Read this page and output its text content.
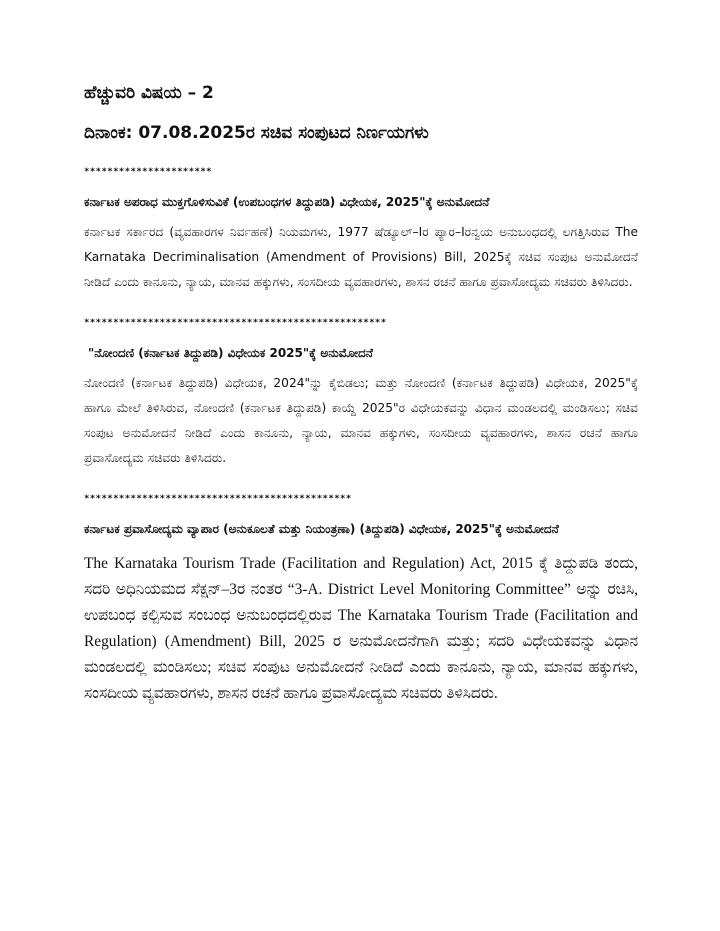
ಹೆಚ್ಚುವರಿ ವಿಷಯ – 2
ದಿನಾಂಕ: 07.08.2025ರ ಸಚಿವ ಸಂಪುಟದ ನಿರ್ಣಯಗಳು

**********************

ಕರ್ನಾಟಕ ಅಪರಾಧ ಮುಕ್ತಗೊಳಿಸುವಿಕೆ (ಉಪಬಂಧಗಳ ತಿದ್ದುಪಡಿ) ವಿಧೇಯಕ, 2025"ಕ್ಕೆ ಅನುಮೋದನೆ

ಕರ್ನಾಟಕ ಸರ್ಕಾರದ (ವ್ಯವಹಾರಗಳ ನಿರ್ವಹಣೆ) ನಿಯಮಗಳು, 1977 ಷೆಡ್ಯೂಲ್–Iರ ಪ್ಯಾರ–Iರನ್ವಯ ಅನುಬಂಧದಲ್ಲಿ ಲಗತ್ತಿಸಿರುವ The Karnataka Decriminalisation (Amendment of Provisions) Bill, 2025ಕ್ಕೆ ಸಚಿವ ಸಂಪುಟ ಅನುಮೋದನೆ ನೀಡಿದೆ ಎಂದು ಕಾನೂನು, ನ್ಯಾಯ, ಮಾನವ ಹಕ್ಕುಗಳು, ಸಂಸದೀಯ ವ್ಯವಹಾರಗಳು, ಶಾಸನ ರಚನೆ ಹಾಗೂ ಪ್ರವಾಸೋದ್ಯಮ ಸಚಿವರು ತಿಳಿಸಿದರು.

****************************************************

"ನೋಂದಣಿ (ಕರ್ನಾಟಕ ತಿದ್ದುಪಡಿ) ವಿಧೇಯಕ 2025"ಕ್ಕೆ ಅನುಮೋದನೆ

ನೋಂದಣಿ (ಕರ್ನಾಟಕ ತಿದ್ದುಪಡಿ) ವಿಧೇಯಕ, 2024"ನ್ನು ಕೈಬಿಡಲು; ಮತ್ತು ನೋಂದಣಿ (ಕರ್ನಾಟಕ ತಿದ್ದುಪಡಿ) ವಿಧೇಯಕ, 2025"ಕ್ಕೆ ಹಾಗೂ ಮೇಲೆ ತಿಳಿಸಿರುವ, ನೋಂದಣಿ (ಕರ್ನಾಟಕ ತಿದ್ದುಪಡಿ) ಕಾಯ್ದೆ 2025"ರ ವಿಧೇಯಕವನ್ನು ವಿಧಾನ ಮಂಡಲದಲ್ಲಿ ಮಂಡಿಸಲು; ಸಚಿವ ಸಂಪುಟ ಅನುಮೋದನೆ ನೀಡಿದೆ ಎಂದು ಕಾನೂನು, ನ್ಯಾಯ, ಮಾನವ ಹಕ್ಕುಗಳು, ಸಂಸದೀಯ ವ್ಯವಹಾರಗಳು, ಶಾಸನ ರಚನೆ ಹಾಗೂ ಪ್ರವಾಸೋದ್ಯಮ ಸಚಿವರು ತಿಳಿಸಿದರು.

**********************************************

ಕರ್ನಾಟಕ ಪ್ರವಾಸೋದ್ಯಮ ವ್ಯಾಪಾರ (ಅನುಕೂಲತೆ ಮತ್ತು ನಿಯಂತ್ರಣಾ) (ತಿದ್ದುಪಡಿ) ವಿಧೇಯಕ, 2025"ಕ್ಕೆ ಅನುಮೋದನೆ

The Karnataka Tourism Trade (Facilitation and Regulation) Act, 2015 ಕ್ಕೆ ತಿದ್ದುಪಡಿ ತಂದು, ಸದರಿ ಅಧಿನಿಯಮದ ಸೆಕ್ಷನ್–3ರ ನಂತರ “3-A. District Level Monitoring Committee” ಅನ್ನು ರಚಿಸಿ, ಉಪಬಂಧ ಕಲ್ಪಿಸುವ ಸಂಬಂಧ ಅನುಬಂಧದಲ್ಲಿರುವ The Karnataka Tourism Trade (Facilitation and Regulation) (Amendment) Bill, 2025 ರ ಅನುಮೋದನೆಗಾಗಿ ಮತ್ತು; ಸದರಿ ವಿಧೇಯಕವನ್ನು ವಿಧಾನ ಮಂಡಲದಲ್ಲಿ ಮಂಡಿಸಲು; ಸಚಿವ ಸಂಪುಟ ಅನುಮೋದನೆ ನೀಡಿದೆ ಎಂದು ಕಾನೂನು, ನ್ಯಾಯ, ಮಾನವ ಹಕ್ಕುಗಳು, ಸಂಸದೀಯ ವ್ಯವಹಾರಗಳು, ಶಾಸನ ರಚನೆ ಹಾಗೂ ಪ್ರವಾಸೋದ್ಯಮ ಸಚಿವರು ತಿಳಿಸಿದರು.
